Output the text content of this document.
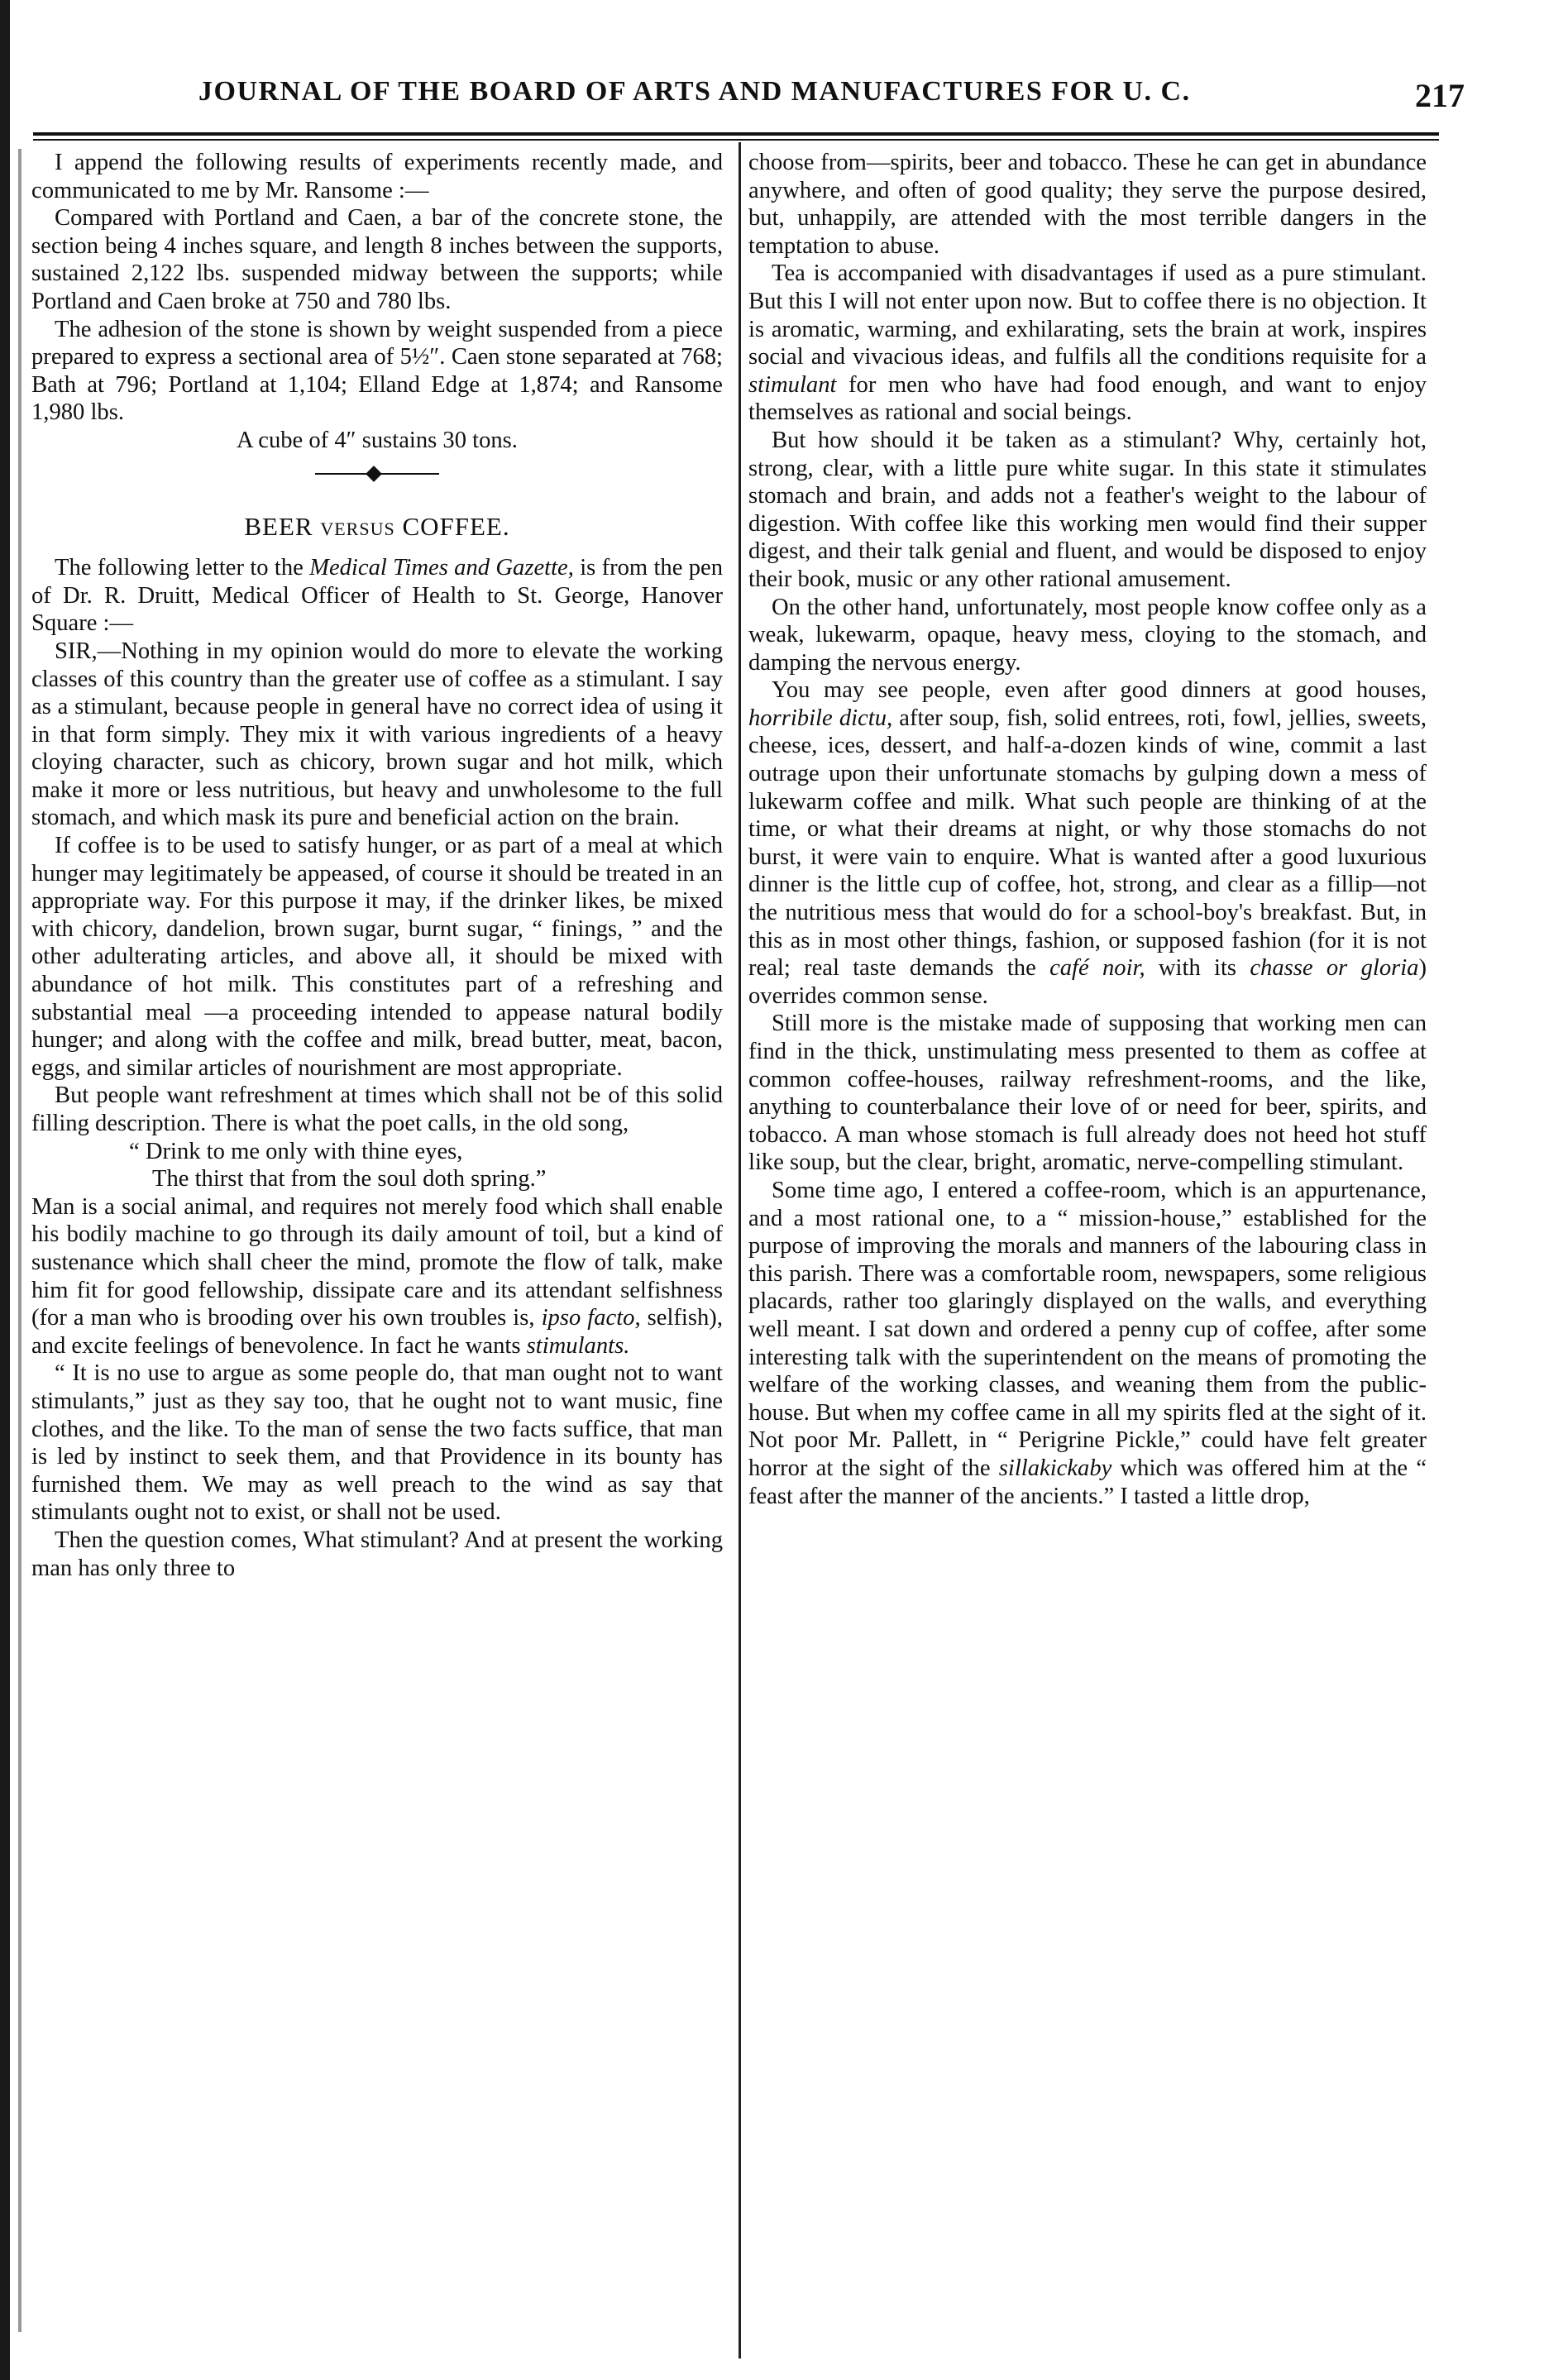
JOURNAL OF THE BOARD OF ARTS AND MANUFACTURES FOR U. C.	217

I append the following results of experiments recently made, and communicated to me by Mr. Ransome :—

Compared with Portland and Caen, a bar of the concrete stone, the section being 4 inches square, and length 8 inches between the supports, sustained 2,122 lbs. suspended midway between the supports; while Portland and Caen broke at 750 and 780 lbs.

The adhesion of the stone is shown by weight suspended from a piece prepared to express a sectional area of 5½″. Caen stone separated at 768; Bath at 796; Portland at 1,104; Elland Edge at 1,874; and Ransome 1,980 lbs.

A cube of 4″ sustains 30 tons.

BEER VERSUS COFFEE.

The following letter to the Medical Times and Gazette, is from the pen of Dr. R. Druitt, Medical Officer of Health to St. George, Hanover Square :—

SIR,—Nothing in my opinion would do more to elevate the working classes of this country than the greater use of coffee as a stimulant. I say as a stimulant, because people in general have no correct idea of using it in that form simply. They mix it with various ingredients of a heavy cloying character, such as chicory, brown sugar and hot milk, which make it more or less nutritious, but heavy and unwholesome to the full stomach, and which mask its pure and beneficial action on the brain.

If coffee is to be used to satisfy hunger, or as part of a meal at which hunger may legitimately be appeased, of course it should be treated in an appropriate way. For this purpose it may, if the drinker likes, be mixed with chicory, dandelion, brown sugar, burnt sugar, “ finings, ” and the other adulterating articles, and above all, it should be mixed with abundance of hot milk. This constitutes part of a refreshing and substantial meal —a proceeding intended to appease natural bodily hunger; and along with the coffee and milk, bread butter, meat, bacon, eggs, and similar articles of nourishment are most appropriate.

But people want refreshment at times which shall not be of this solid filling description. There is what the poet calls, in the old song,

“ Drink to me only with thine eyes,

The thirst that from the soul doth spring.”

Man is a social animal, and requires not merely food which shall enable his bodily machine to go through its daily amount of toil, but a kind of sustenance which shall cheer the mind, promote the flow of talk, make him fit for good fellowship, dissipate care and its attendant selfishness (for a man who is brooding over his own troubles is, ipso facto, selfish), and excite feelings of benevolence. In fact he wants stimulants.

“ It is no use to argue as some people do, that man ought not to want stimulants,” just as they say too, that he ought not to want music, fine clothes, and the like. To the man of sense the two facts suffice, that man is led by instinct to seek them, and that Providence in its bounty has furnished them. We may as well preach to the wind as say that stimulants ought not to exist, or shall not be used.

Then the question comes, What stimulant? And at present the working man has only three to

choose from—spirits, beer and tobacco. These he can get in abundance anywhere, and often of good quality; they serve the purpose desired, but, unhappily, are attended with the most terrible dangers in the temptation to abuse.

Tea is accompanied with disadvantages if used as a pure stimulant. But this I will not enter upon now. But to coffee there is no objection. It is aromatic, warming, and exhilarating, sets the brain at work, inspires social and vivacious ideas, and fulfils all the conditions requisite for a stimulant for men who have had food enough, and want to enjoy themselves as rational and social beings.

But how should it be taken as a stimulant? Why, certainly hot, strong, clear, with a little pure white sugar. In this state it stimulates stomach and brain, and adds not a feather's weight to the labour of digestion. With coffee like this working men would find their supper digest, and their talk genial and fluent, and would be disposed to enjoy their book, music or any other rational amusement.

On the other hand, unfortunately, most people know coffee only as a weak, lukewarm, opaque, heavy mess, cloying to the stomach, and damping the nervous energy.

You may see people, even after good dinners at good houses, horribile dictu, after soup, fish, solid entrees, roti, fowl, jellies, sweets, cheese, ices, dessert, and half-a-dozen kinds of wine, commit a last outrage upon their unfortunate stomachs by gulping down a mess of lukewarm coffee and milk. What such people are thinking of at the time, or what their dreams at night, or why those stomachs do not burst, it were vain to enquire. What is wanted after a good luxurious dinner is the little cup of coffee, hot, strong, and clear as a fillip—not the nutritious mess that would do for a school-boy's breakfast. But, in this as in most other things, fashion, or supposed fashion (for it is not real; real taste demands the café noir, with its chasse or gloria) overrides common sense.

Still more is the mistake made of supposing that working men can find in the thick, unstimulating mess presented to them as coffee at common coffee-houses, railway refreshment-rooms, and the like, anything to counterbalance their love of or need for beer, spirits, and tobacco. A man whose stomach is full already does not heed hot stuff like soup, but the clear, bright, aromatic, nerve-compelling stimulant.

Some time ago, I entered a coffee-room, which is an appurtenance, and a most rational one, to a “ mission-house,” established for the purpose of improving the morals and manners of the labouring class in this parish. There was a comfortable room, newspapers, some religious placards, rather too glaringly displayed on the walls, and everything well meant. I sat down and ordered a penny cup of coffee, after some interesting talk with the superintendent on the means of promoting the welfare of the working classes, and weaning them from the public-house. But when my coffee came in all my spirits fled at the sight of it. Not poor Mr. Pallett, in “ Perigrine Pickle,” could have felt greater horror at the sight of the sillakickaby which was offered him at the “ feast after the manner of the ancients.” I tasted a little drop,
